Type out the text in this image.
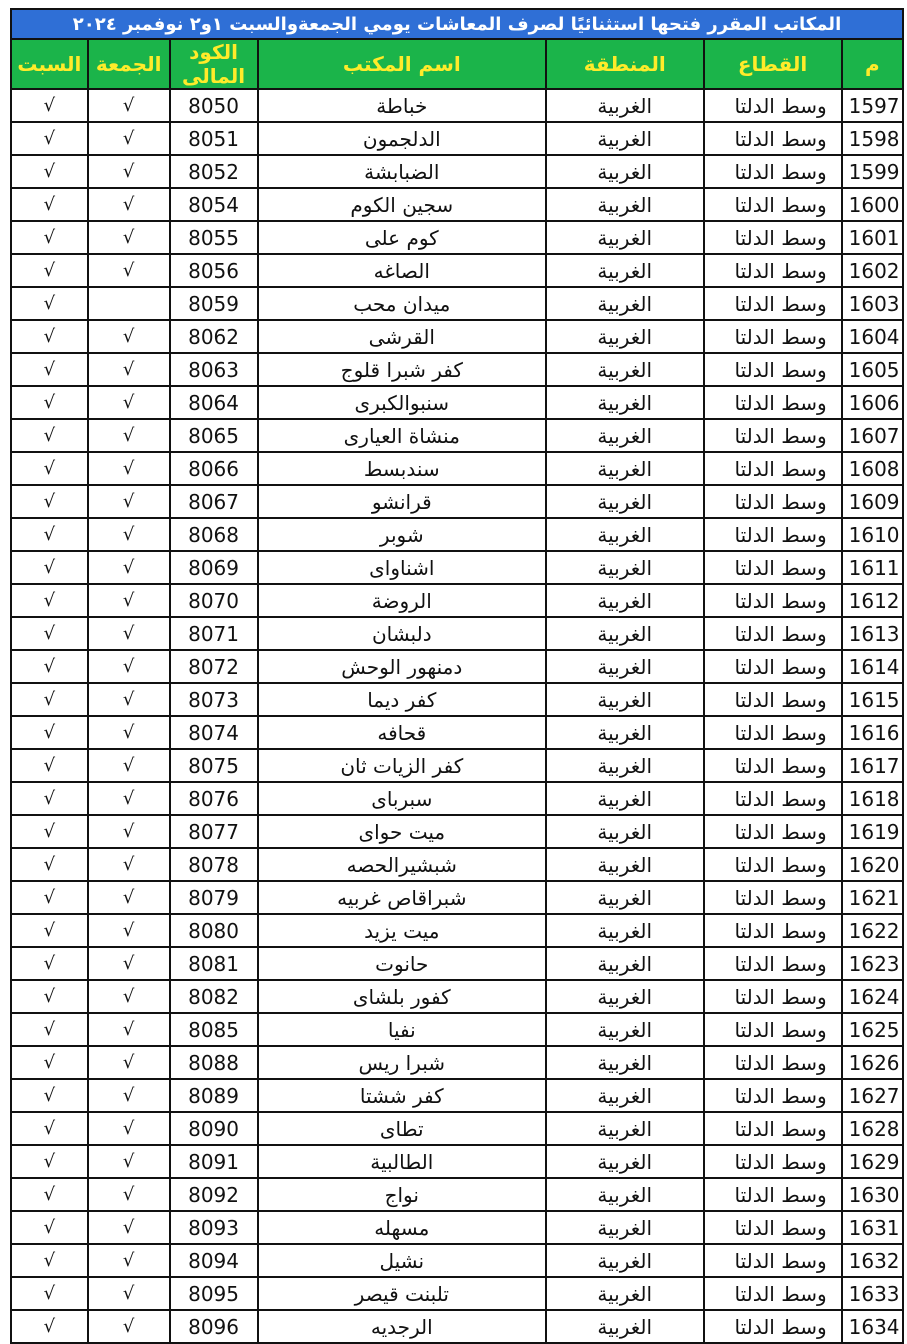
المكاتب المقرر فتحها استثنائيًا لصرف المعاشات يومي الجمعةوالسبت ١و٢ نوفمبر ٢٠٢٤
م	القطاع	المنطقة	اسم المكتب	الكود المالى	الجمعة	السبت
1597	وسط الدلتا	الغربية	خباطة	8050	√	√
1598	وسط الدلتا	الغربية	الدلجمون	8051	√	√
1599	وسط الدلتا	الغربية	الضبابشة	8052	√	√
1600	وسط الدلتا	الغربية	سجين الكوم	8054	√	√
1601	وسط الدلتا	الغربية	كوم على	8055	√	√
1602	وسط الدلتا	الغربية	الصاغه	8056	√	√
1603	وسط الدلتا	الغربية	ميدان محب	8059		√
1604	وسط الدلتا	الغربية	القرشى	8062	√	√
1605	وسط الدلتا	الغربية	كفر شبرا قلوج	8063	√	√
1606	وسط الدلتا	الغربية	سنبوالكبرى	8064	√	√
1607	وسط الدلتا	الغربية	منشاة العيارى	8065	√	√
1608	وسط الدلتا	الغربية	سندبسط	8066	√	√
1609	وسط الدلتا	الغربية	قرانشو	8067	√	√
1610	وسط الدلتا	الغربية	شوبر	8068	√	√
1611	وسط الدلتا	الغربية	اشناواى	8069	√	√
1612	وسط الدلتا	الغربية	الروضة	8070	√	√
1613	وسط الدلتا	الغربية	دلبشان	8071	√	√
1614	وسط الدلتا	الغربية	دمنهور الوحش	8072	√	√
1615	وسط الدلتا	الغربية	كفر ديما	8073	√	√
1616	وسط الدلتا	الغربية	قحافه	8074	√	√
1617	وسط الدلتا	الغربية	كفر الزيات ثان	8075	√	√
1618	وسط الدلتا	الغربية	سبرباى	8076	√	√
1619	وسط الدلتا	الغربية	ميت حواى	8077	√	√
1620	وسط الدلتا	الغربية	شبشيرالحصه	8078	√	√
1621	وسط الدلتا	الغربية	شبراقاص غربيه	8079	√	√
1622	وسط الدلتا	الغربية	ميت يزيد	8080	√	√
1623	وسط الدلتا	الغربية	حانوت	8081	√	√
1624	وسط الدلتا	الغربية	كفور بلشاى	8082	√	√
1625	وسط الدلتا	الغربية	نفيا	8085	√	√
1626	وسط الدلتا	الغربية	شبرا ريس	8088	√	√
1627	وسط الدلتا	الغربية	كفر ششتا	8089	√	√
1628	وسط الدلتا	الغربية	تطاى	8090	√	√
1629	وسط الدلتا	الغربية	الطالبية	8091	√	√
1630	وسط الدلتا	الغربية	نواج	8092	√	√
1631	وسط الدلتا	الغربية	مسهله	8093	√	√
1632	وسط الدلتا	الغربية	نشيل	8094	√	√
1633	وسط الدلتا	الغربية	تلبنت قيصر	8095	√	√
1634	وسط الدلتا	الغربية	الرجديه	8096	√	√
